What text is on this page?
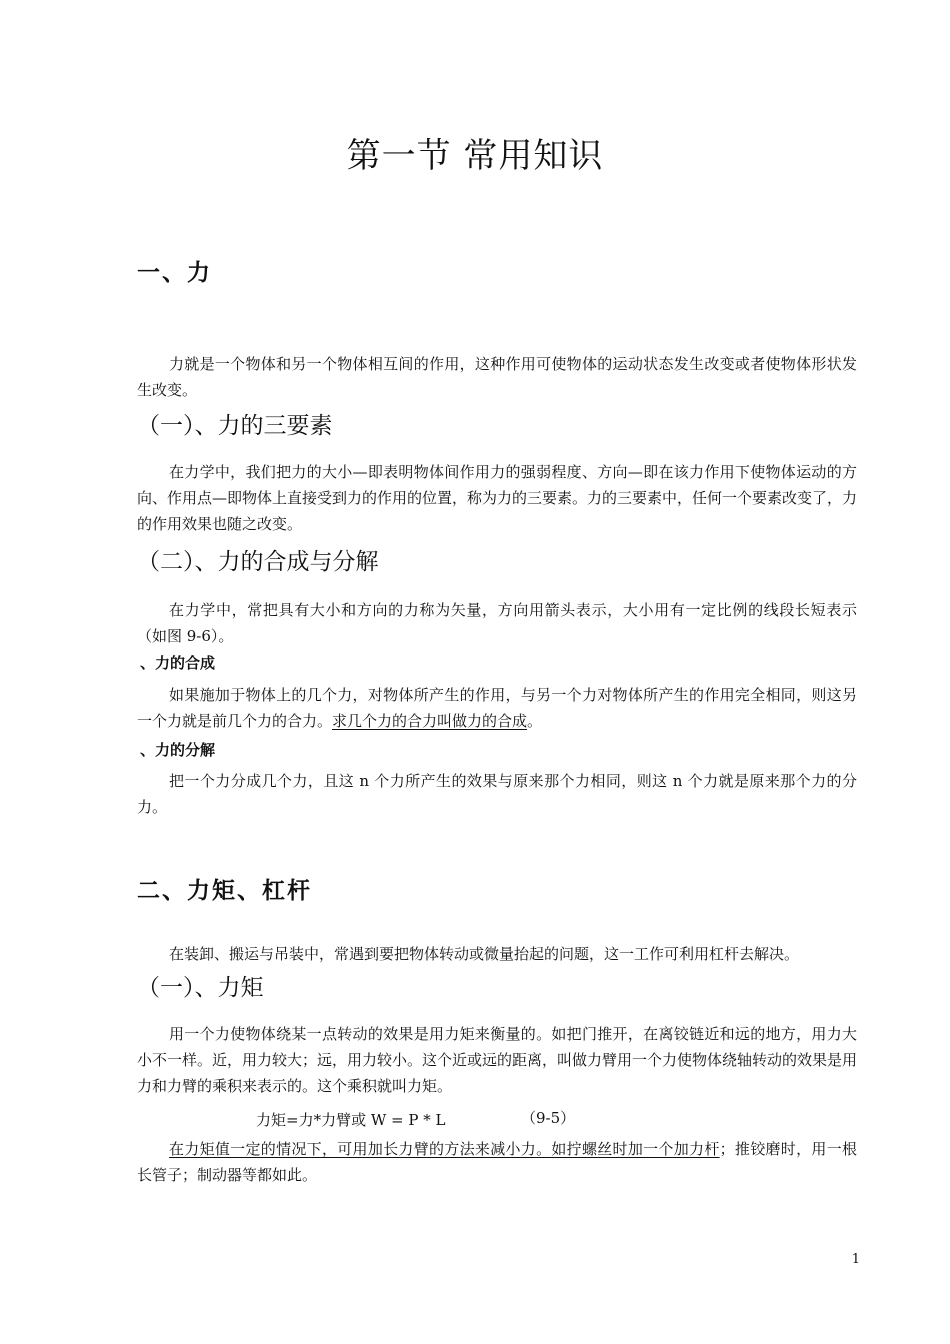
第一节 常用知识
一、力
力就是一个物体和另一个物体相互间的作用，这种作用可使物体的运动状态发生改变或者使物体形状发生改变。
（一）、力的三要素
在力学中，我们把力的大小—即表明物体间作用力的强弱程度、方向—即在该力作用下使物体运动的方向、作用点—即物体上直接受到力的作用的位置，称为力的三要素。力的三要素中，任何一个要素改变了，力的作用效果也随之改变。
（二）、力的合成与分解
在力学中，常把具有大小和方向的力称为矢量，方向用箭头表示，大小用有一定比例的线段长短表示（如图 9-6）。
、力的合成
如果施加于物体上的几个力，对物体所产生的作用，与另一个力对物体所产生的作用完全相同，则这另一个力就是前几个力的合力。求几个力的合力叫做力的合成。
、力的分解
把一个力分成几个力，且这 n 个力所产生的效果与原来那个力相同，则这 n 个力就是原来那个力的分力。
二、力矩、杠杆
在装卸、搬运与吊装中，常遇到要把物体转动或微量抬起的问题，这一工作可利用杠杆去解决。
（一）、力矩
用一个力使物体绕某一点转动的效果是用力矩来衡量的。如把门推开，在离铰链近和远的地方，用力大小不一样。近，用力较大；远，用力较小。这个近或远的距离，叫做力臂用一个力使物体绕轴转动的效果是用力和力臂的乘积来表示的。这个乘积就叫力矩。
力矩=力*力臂或 W = P * L	（9-5）
在力矩值一定的情况下，可用加长力臂的方法来减小力。如拧螺丝时加一个加力杆；推铰磨时，用一根长管子；制动器等都如此。
1
